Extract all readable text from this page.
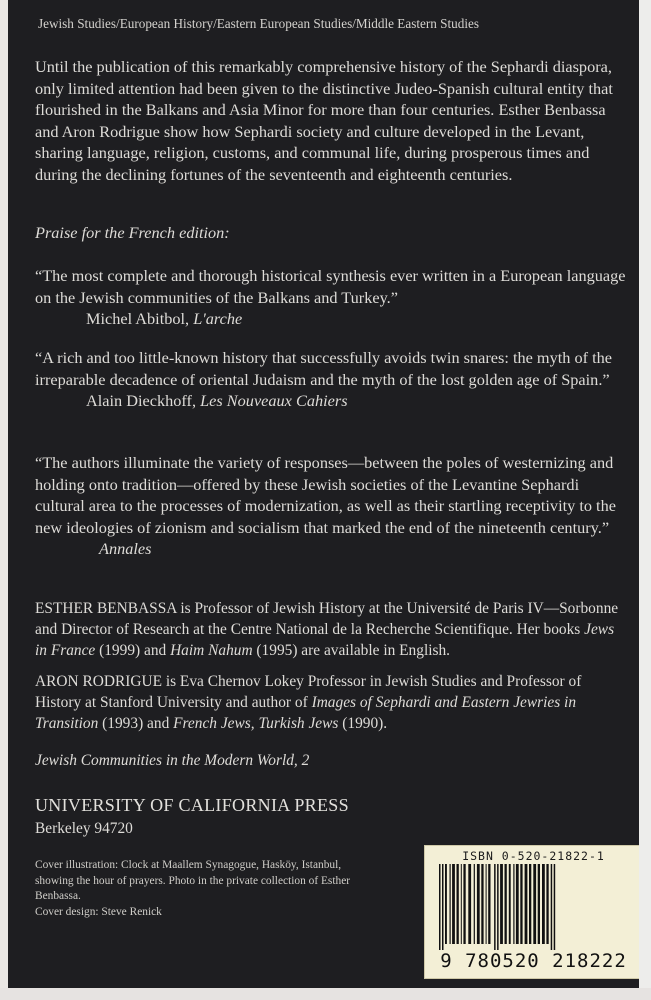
Jewish Studies/European History/Eastern European Studies/Middle Eastern Studies
Until the publication of this remarkably comprehensive history of the Sephardi diaspora, only limited attention had been given to the distinctive Judeo-Spanish cultural entity that flourished in the Balkans and Asia Minor for more than four centuries. Esther Benbassa and Aron Rodrigue show how Sephardi society and culture developed in the Levant, sharing language, religion, customs, and communal life, during prosperous times and during the declining fortunes of the seventeenth and eighteenth centuries.
Praise for the French edition:
“The most complete and thorough historical synthesis ever written in a European language on the Jewish communities of the Balkans and Turkey.”
Michel Abitbol, L'arche
“A rich and too little-known history that successfully avoids twin snares: the myth of the irreparable decadence of oriental Judaism and the myth of the lost golden age of Spain.”
Alain Dieckhoff, Les Nouveaux Cahiers
“The authors illuminate the variety of responses—between the poles of westernizing and holding onto tradition—offered by these Jewish societies of the Levantine Sephardi cultural area to the processes of modernization, as well as their startling receptivity to the new ideologies of zionism and socialism that marked the end of the nineteenth century.”
Annales
ESTHER BENBASSA is Professor of Jewish History at the Université de Paris IV—Sorbonne and Director of Research at the Centre National de la Recherche Scientifique. Her books Jews in France (1999) and Haim Nahum (1995) are available in English.
ARON RODRIGUE is Eva Chernov Lokey Professor in Jewish Studies and Professor of History at Stanford University and author of Images of Sephardi and Eastern Jewries in Transition (1993) and French Jews, Turkish Jews (1990).
Jewish Communities in the Modern World, 2
UNIVERSITY OF CALIFORNIA PRESS
Berkeley 94720
Cover illustration: Clock at Maallem Synagogue, Hasköy, Istanbul, showing the hour of prayers. Photo in the private collection of Esther Benbassa.
Cover design: Steve Renick
ISBN 0-520-21822-1
9 780520 218222
